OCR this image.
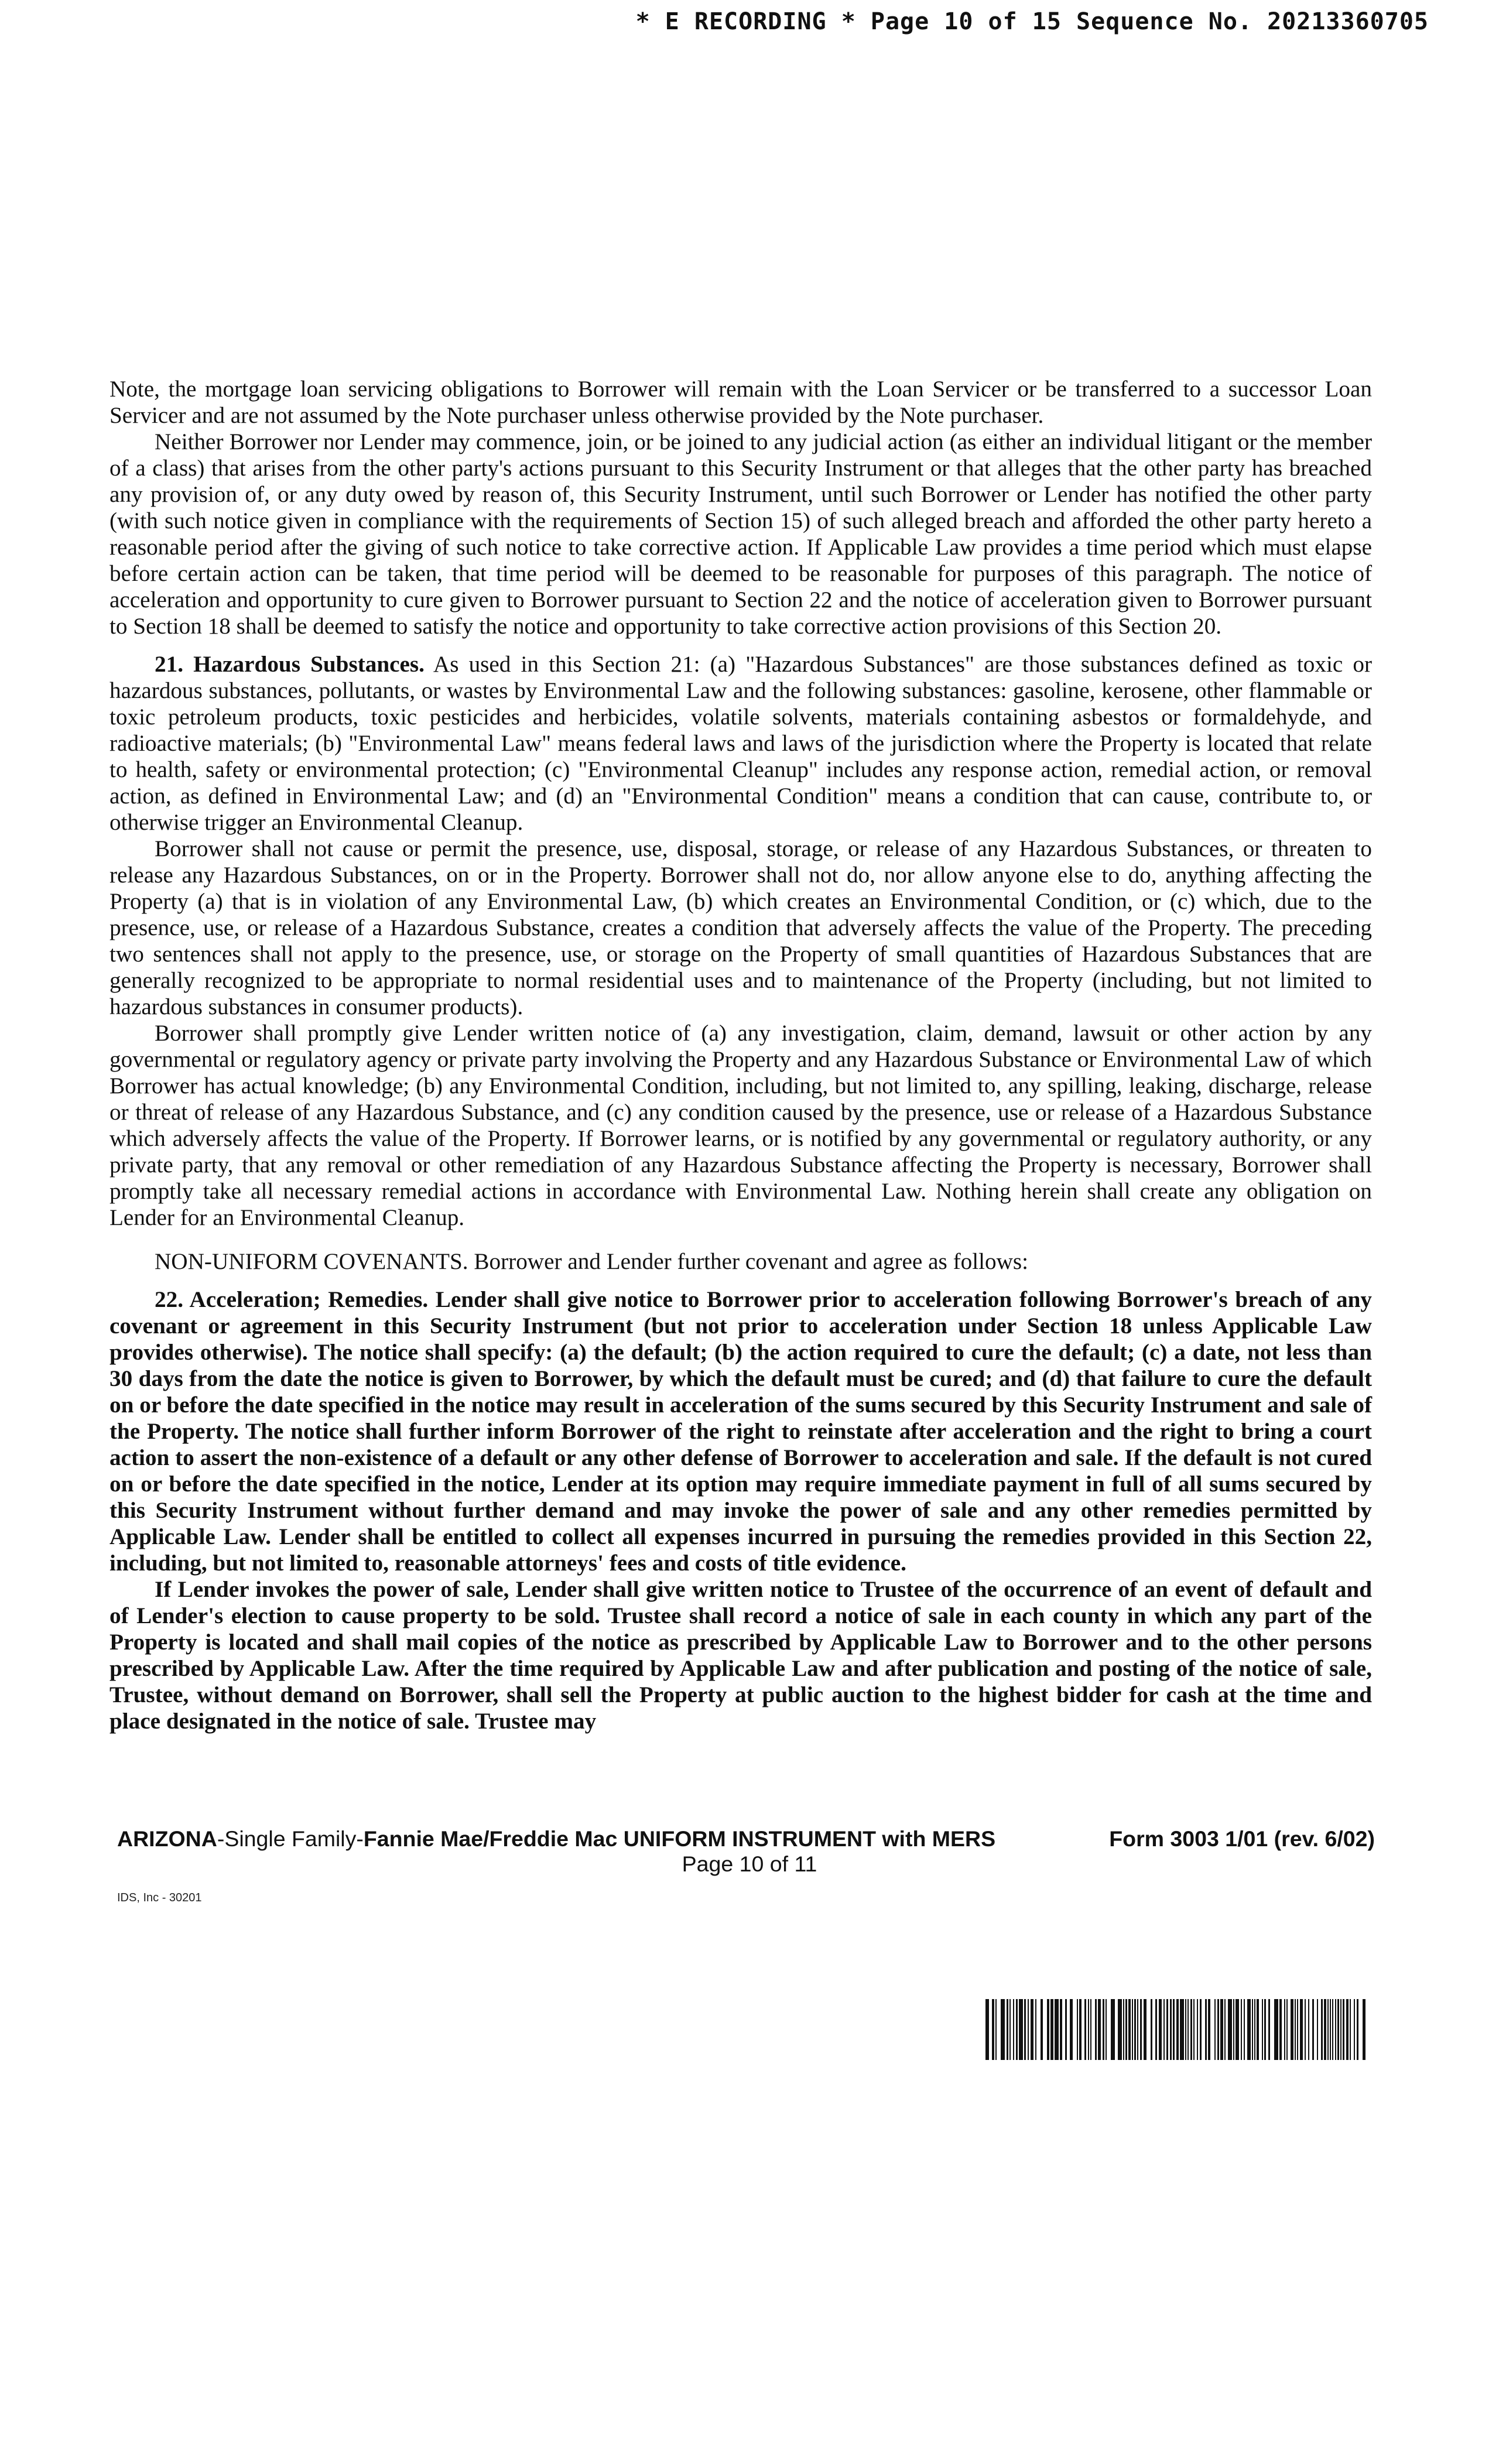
* E RECORDING * Page 10 of 15 Sequence No. 20213360705

Note, the mortgage loan servicing obligations to Borrower will remain with the Loan Servicer or be transferred to a successor Loan Servicer and are not assumed by the Note purchaser unless otherwise provided by the Note purchaser.

Neither Borrower nor Lender may commence, join, or be joined to any judicial action (as either an individual litigant or the member of a class) that arises from the other party's actions pursuant to this Security Instrument or that alleges that the other party has breached any provision of, or any duty owed by reason of, this Security Instrument, until such Borrower or Lender has notified the other party (with such notice given in compliance with the requirements of Section 15) of such alleged breach and afforded the other party hereto a reasonable period after the giving of such notice to take corrective action. If Applicable Law provides a time period which must elapse before certain action can be taken, that time period will be deemed to be reasonable for purposes of this paragraph. The notice of acceleration and opportunity to cure given to Borrower pursuant to Section 22 and the notice of acceleration given to Borrower pursuant to Section 18 shall be deemed to satisfy the notice and opportunity to take corrective action provisions of this Section 20.

21. Hazardous Substances. As used in this Section 21: (a) "Hazardous Substances" are those substances defined as toxic or hazardous substances, pollutants, or wastes by Environmental Law and the following substances: gasoline, kerosene, other flammable or toxic petroleum products, toxic pesticides and herbicides, volatile solvents, materials containing asbestos or formaldehyde, and radioactive materials; (b) "Environmental Law" means federal laws and laws of the jurisdiction where the Property is located that relate to health, safety or environmental protection; (c) "Environmental Cleanup" includes any response action, remedial action, or removal action, as defined in Environmental Law; and (d) an "Environmental Condition" means a condition that can cause, contribute to, or otherwise trigger an Environmental Cleanup.

Borrower shall not cause or permit the presence, use, disposal, storage, or release of any Hazardous Substances, or threaten to release any Hazardous Substances, on or in the Property. Borrower shall not do, nor allow anyone else to do, anything affecting the Property (a) that is in violation of any Environmental Law, (b) which creates an Environmental Condition, or (c) which, due to the presence, use, or release of a Hazardous Substance, creates a condition that adversely affects the value of the Property. The preceding two sentences shall not apply to the presence, use, or storage on the Property of small quantities of Hazardous Substances that are generally recognized to be appropriate to normal residential uses and to maintenance of the Property (including, but not limited to hazardous substances in consumer products).

Borrower shall promptly give Lender written notice of (a) any investigation, claim, demand, lawsuit or other action by any governmental or regulatory agency or private party involving the Property and any Hazardous Substance or Environmental Law of which Borrower has actual knowledge; (b) any Environmental Condition, including, but not limited to, any spilling, leaking, discharge, release or threat of release of any Hazardous Substance, and (c) any condition caused by the presence, use or release of a Hazardous Substance which adversely affects the value of the Property. If Borrower learns, or is notified by any governmental or regulatory authority, or any private party, that any removal or other remediation of any Hazardous Substance affecting the Property is necessary, Borrower shall promptly take all necessary remedial actions in accordance with Environmental Law. Nothing herein shall create any obligation on Lender for an Environmental Cleanup.

NON-UNIFORM COVENANTS. Borrower and Lender further covenant and agree as follows:

22. Acceleration; Remedies. Lender shall give notice to Borrower prior to acceleration following Borrower's breach of any covenant or agreement in this Security Instrument (but not prior to acceleration under Section 18 unless Applicable Law provides otherwise). The notice shall specify: (a) the default; (b) the action required to cure the default; (c) a date, not less than 30 days from the date the notice is given to Borrower, by which the default must be cured; and (d) that failure to cure the default on or before the date specified in the notice may result in acceleration of the sums secured by this Security Instrument and sale of the Property. The notice shall further inform Borrower of the right to reinstate after acceleration and the right to bring a court action to assert the non-existence of a default or any other defense of Borrower to acceleration and sale. If the default is not cured on or before the date specified in the notice, Lender at its option may require immediate payment in full of all sums secured by this Security Instrument without further demand and may invoke the power of sale and any other remedies permitted by Applicable Law. Lender shall be entitled to collect all expenses incurred in pursuing the remedies provided in this Section 22, including, but not limited to, reasonable attorneys' fees and costs of title evidence.

If Lender invokes the power of sale, Lender shall give written notice to Trustee of the occurrence of an event of default and of Lender's election to cause property to be sold. Trustee shall record a notice of sale in each county in which any part of the Property is located and shall mail copies of the notice as prescribed by Applicable Law to Borrower and to the other persons prescribed by Applicable Law. After the time required by Applicable Law and after publication and posting of the notice of sale, Trustee, without demand on Borrower, shall sell the Property at public auction to the highest bidder for cash at the time and place designated in the notice of sale. Trustee may

ARIZONA-Single Family-Fannie Mae/Freddie Mac UNIFORM INSTRUMENT with MERS	Form 3003 1/01 (rev. 6/02)
Page 10 of 11
IDS, Inc - 30201
